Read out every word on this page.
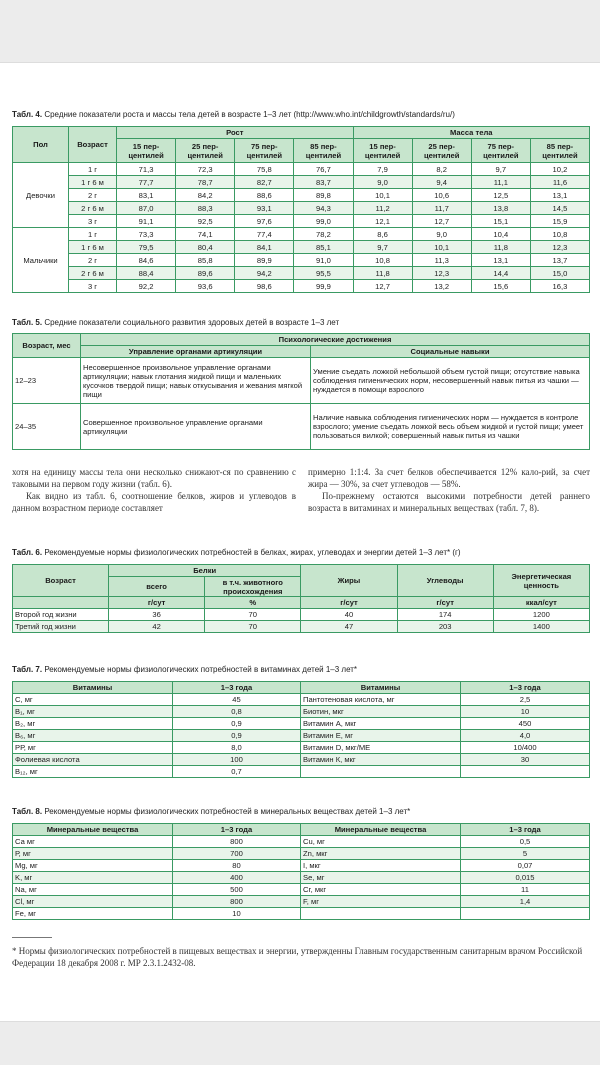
Табл. 4. Средние показатели роста и массы тела детей в возрасте 1–3 лет (http://www.who.int/childgrowth/standards/ru/)
Пол	Возраст	Рост				Масса тела			
		15 пер-центилей	25 пер-центилей	75 пер-центилей	85 пер-центилей	15 пер-центилей	25 пер-центилей	75 пер-центилей	85 пер-центилей
Девочки	1 г	71,3	72,3	75,8	76,7	7,9	8,2	9,7	10,2
	1 г 6 м	77,7	78,7	82,7	83,7	9,0	9,4	11,1	11,6
	2 г	83,1	84,2	88,6	89,8	10,1	10,6	12,5	13,1
	2 г 6 м	87,0	88,3	93,1	94,3	11,2	11,7	13,8	14,5
	3 г	91,1	92,5	97,6	99,0	12,1	12,7	15,1	15,9
Мальчики	1 г	73,3	74,1	77,4	78,2	8,6	9,0	10,4	10,8
	1 г 6 м	79,5	80,4	84,1	85,1	9,7	10,1	11,8	12,3
	2 г	84,6	85,8	89,9	91,0	10,8	11,3	13,1	13,7
	2 г 6 м	88,4	89,6	94,2	95,5	11,8	12,3	14,4	15,0
	3 г	92,2	93,6	98,6	99,9	12,7	13,2	15,6	16,3
Табл. 5. Средние показатели социального развития здоровых детей в возрасте 1–3 лет
Возраст, мес	Психологические достижения	
	Управление органами артикуляции	Социальные навыки
12–23	Несовершенное произвольное управление органами артикуляции; навык глотания жидкой пищи и маленьких кусочков твердой пищи; навык откусывания и жевания мягкой пищи	Умение съедать ложкой небольшой объем густой пищи; отсутствие навыка соблюдения гигиенических норм, несовершенный навык питья из чашки — нуждается в помощи взрослого
24–35	Совершенное произвольное управление органами артикуляции	Наличие навыка соблюдения гигиенических норм — нуждается в контроле взрослого; умение съедать ложкой весь объем жидкой и густой пищи; умеет пользоваться вилкой; совершенный навык питья из чашки

хотя на единицу массы тела они несколько снижают-ся по сравнению с таковыми на первом году жизни (табл. 6).

Как видно из табл. 6, соотношение белков, жиров и углеводов в данном возрастном периоде составляет

примерно 1:1:4. За счет белков обеспечивается 12% кало-рий, за счет жира — 30%, за счет углеводов — 58%.

По-прежнему остаются высокими потребности детей раннего возраста в витаминах и минеральных веществах (табл. 7, 8).

Табл. 6. Рекомендуемые нормы физиологических потребностей в белках, жирах, углеводах и энергии детей 1–3 лет* (г)
Возраст	Белки		Жиры	Углеводы	Энергетическая ценность
	всего	в т.ч. животного происхождения			
	г/сут	%	г/сут	г/сут	ккал/сут
Второй год жизни	36	70	40	174	1200
Третий год жизни	42	70	47	203	1400
Табл. 7. Рекомендуемые нормы физиологических потребностей в витаминах детей 1–3 лет*
Витамины	1–3 года	Витамины	1–3 года
С, мг	45	Пантотеновая кислота, мг	2,5
В₁, мг	0,8	Биотин, мкг	10
В₂, мг	0,9	Витамин А, мкг	450
В₆, мг	0,9	Витамин Е, мг	4,0
РР, мг	8,0	Витамин D, мкг/МЕ	10/400
Фолиевая кислота	100	Витамин К, мкг	30
В₁₂, мг	0,7		
Табл. 8. Рекомендуемые нормы физиологических потребностей в минеральных веществах детей 1–3 лет*
Минеральные вещества	1–3 года	Минеральные вещества	1–3 года
Са мг	800	Cu, мг	0,5
Р, мг	700	Zn, мкг	5
Mg, мг	80	I, мкг	0,07
K, мг	400	Se, мг	0,015
Na, мг	500	Cr, мкг	11
Cl, мг	800	F, мг	1,4
Fe, мг	10		
* Нормы физиологических потребностей в пищевых веществах и энергии, утвержденны Главным государственным санитарным врачом Российской Федерации 18 декабря 2008 г. МР 2.3.1.2432-08.
